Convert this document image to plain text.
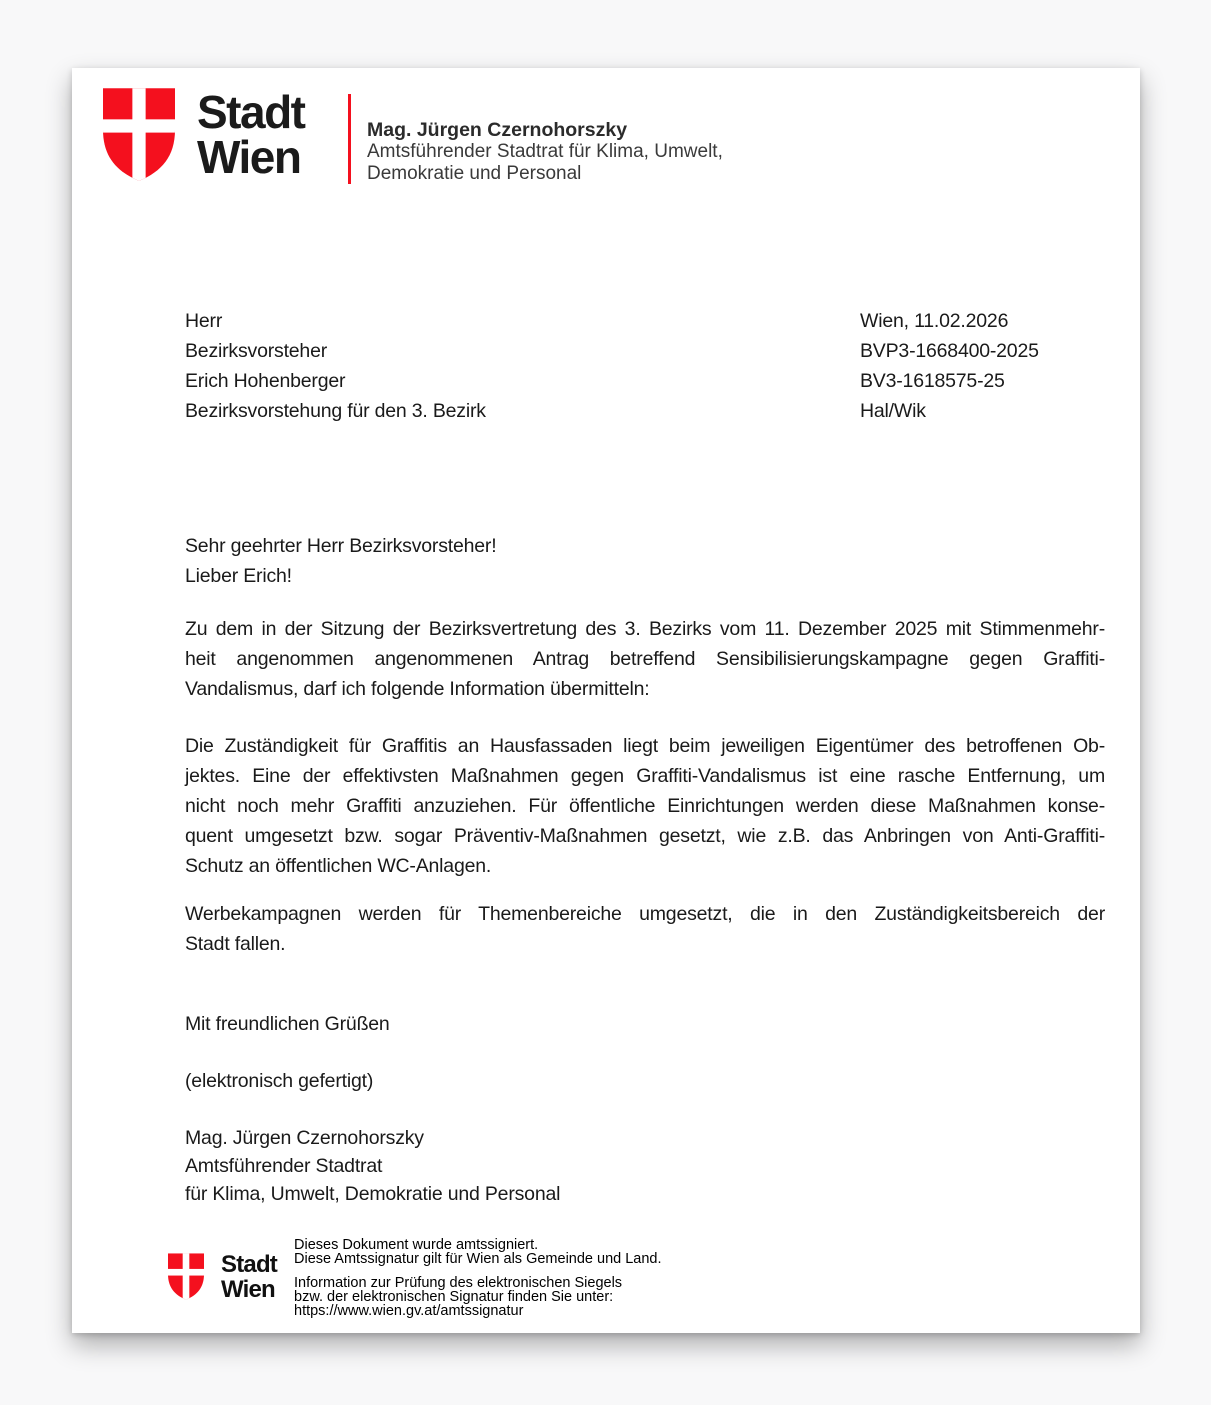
Stadt
Wien
Mag. Jürgen Czernohorszky
Amtsführender Stadtrat für Klima, Umwelt,
Demokratie und Personal
Herr
Bezirksvorsteher
Erich Hohenberger
Bezirksvorstehung für den 3. Bezirk
Wien, 11.02.2026
BVP3-1668400-2025
BV3-1618575-25
Hal/Wik
Sehr geehrter Herr Bezirksvorsteher!
Lieber Erich!
Zu dem in der Sitzung der Bezirksvertretung des 3. Bezirks vom 11. Dezember 2025 mit Stimmenmehr-
heit angenommen angenommenen Antrag betreffend Sensibilisierungskampagne gegen Graffiti-
Vandalismus, darf ich folgende Information übermitteln:
Die Zuständigkeit für Graffitis an Hausfassaden liegt beim jeweiligen Eigentümer des betroffenen Ob-
jektes. Eine der effektivsten Maßnahmen gegen Graffiti-Vandalismus ist eine rasche Entfernung, um
nicht noch mehr Graffiti anzuziehen. Für öffentliche Einrichtungen werden diese Maßnahmen konse-
quent umgesetzt bzw. sogar Präventiv-Maßnahmen gesetzt, wie z.B. das Anbringen von Anti-Graffiti-
Schutz an öffentlichen WC-Anlagen.
Werbekampagnen werden für Themenbereiche umgesetzt, die in den Zuständigkeitsbereich der
Stadt fallen.
Mit freundlichen Grüßen
(elektronisch gefertigt)
Mag. Jürgen Czernohorszky
Amtsführender Stadtrat
für Klima, Umwelt, Demokratie und Personal
Stadt
Wien
Dieses Dokument wurde amtssigniert.
Diese Amtssignatur gilt für Wien als Gemeinde und Land.
Information zur Prüfung des elektronischen Siegels
bzw. der elektronischen Signatur finden Sie unter:
https://www.wien.gv.at/amtssignatur
